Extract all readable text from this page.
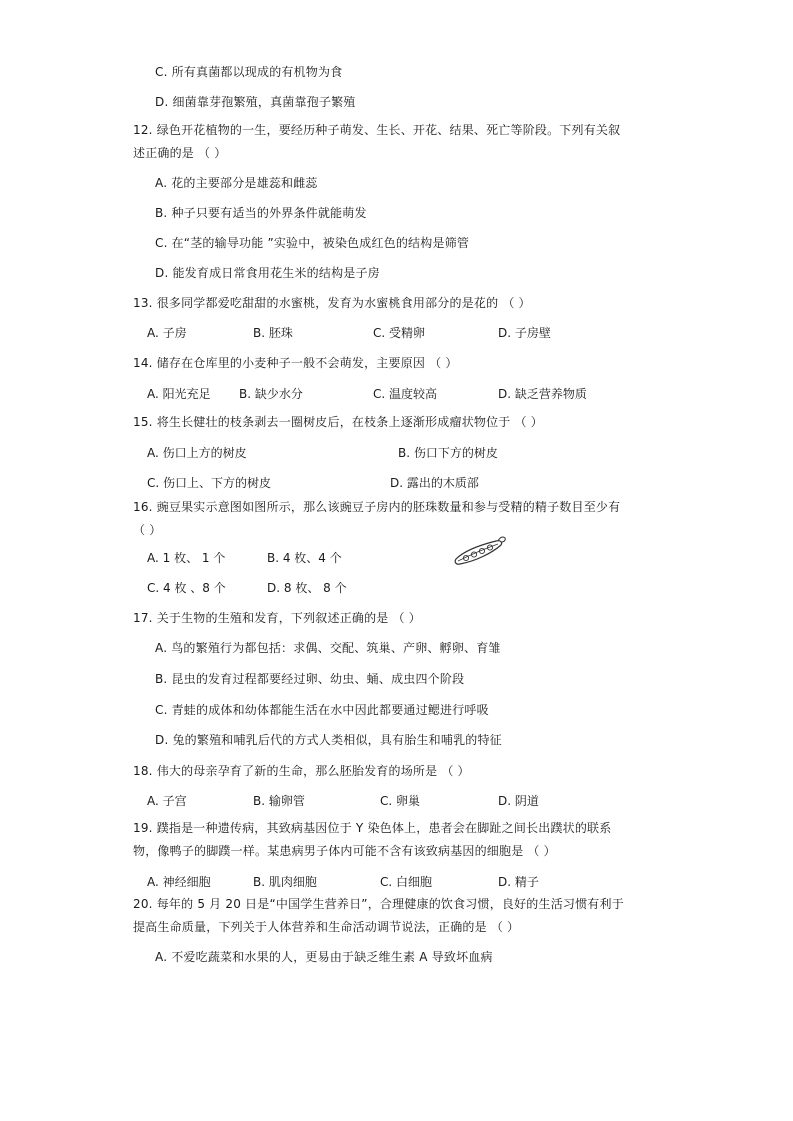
C. 所有真菌都以现成的有机物为食
D. 细菌靠芽孢繁殖，真菌靠孢子繁殖
12. 绿色开花植物的一生，要经历种子萌发、生长、开花、结果、死亡等阶段。下列有关叙
述正确的是 （ ）
A. 花的主要部分是雄蕊和雌蕊
B. 种子只要有适当的外界条件就能萌发
C. 在“茎的输导功能 ”实验中，被染色成红色的结构是筛管
D. 能发育成日常食用花生米的结构是子房
13. 很多同学都爱吃甜甜的水蜜桃，发育为水蜜桃食用部分的是花的 （ ）
A. 子房	B. 胚珠	C. 受精卵	D. 子房壁
14. 储存在仓库里的小麦种子一般不会萌发，主要原因 （ ）
A. 阳光充足 B. 缺少水分	C. 温度较高	D. 缺乏营养物质
15. 将生长健壮的枝条剥去一圈树皮后，在枝条上逐渐形成瘤状物位于 （ ）
A. 伤口上方的树皮	B. 伤口下方的树皮
C. 伤口上、下方的树皮	D. 露出的木质部
16. 豌豆果实示意图如图所示，那么该豌豆子房内的胚珠数量和参与受精的精子数目至少有
（ ）
A. 1 枚、 1 个	B. 4 枚、4 个
C. 4 枚 、8 个	D. 8 枚、 8 个
17. 关于生物的生殖和发育，下列叙述正确的是 （ ）
A. 鸟的繁殖行为都包括：求偶、交配、筑巢、产卵、孵卵、育雏
B. 昆虫的发育过程都要经过卵、幼虫、蛹、成虫四个阶段
C. 青蛙的成体和幼体都能生活在水中因此都要通过鳃进行呼吸
D. 兔的繁殖和哺乳后代的方式人类相似，具有胎生和哺乳的特征
18. 伟大的母亲孕育了新的生命，那么胚胎发育的场所是 （ ）
A. 子宫	B. 输卵管	C. 卵巢	D. 阴道
19. 蹼指是一种遗传病，其致病基因位于 Y 染色体上，患者会在脚趾之间长出蹼状的联系
物，像鸭子的脚蹼一样。某患病男子体内可能不含有该致病基因的细胞是 （ ）
A. 神经细胞	B. 肌肉细胞	C. 白细胞	D. 精子
20. 每年的 5 月 20 日是“中国学生营养日”，合理健康的饮食习惯，良好的生活习惯有利于
提高生命质量，下列关于人体营养和生命活动调节说法，正确的是 （ ）
A. 不爱吃蔬菜和水果的人，更易由于缺乏维生素 A 导致坏血病
